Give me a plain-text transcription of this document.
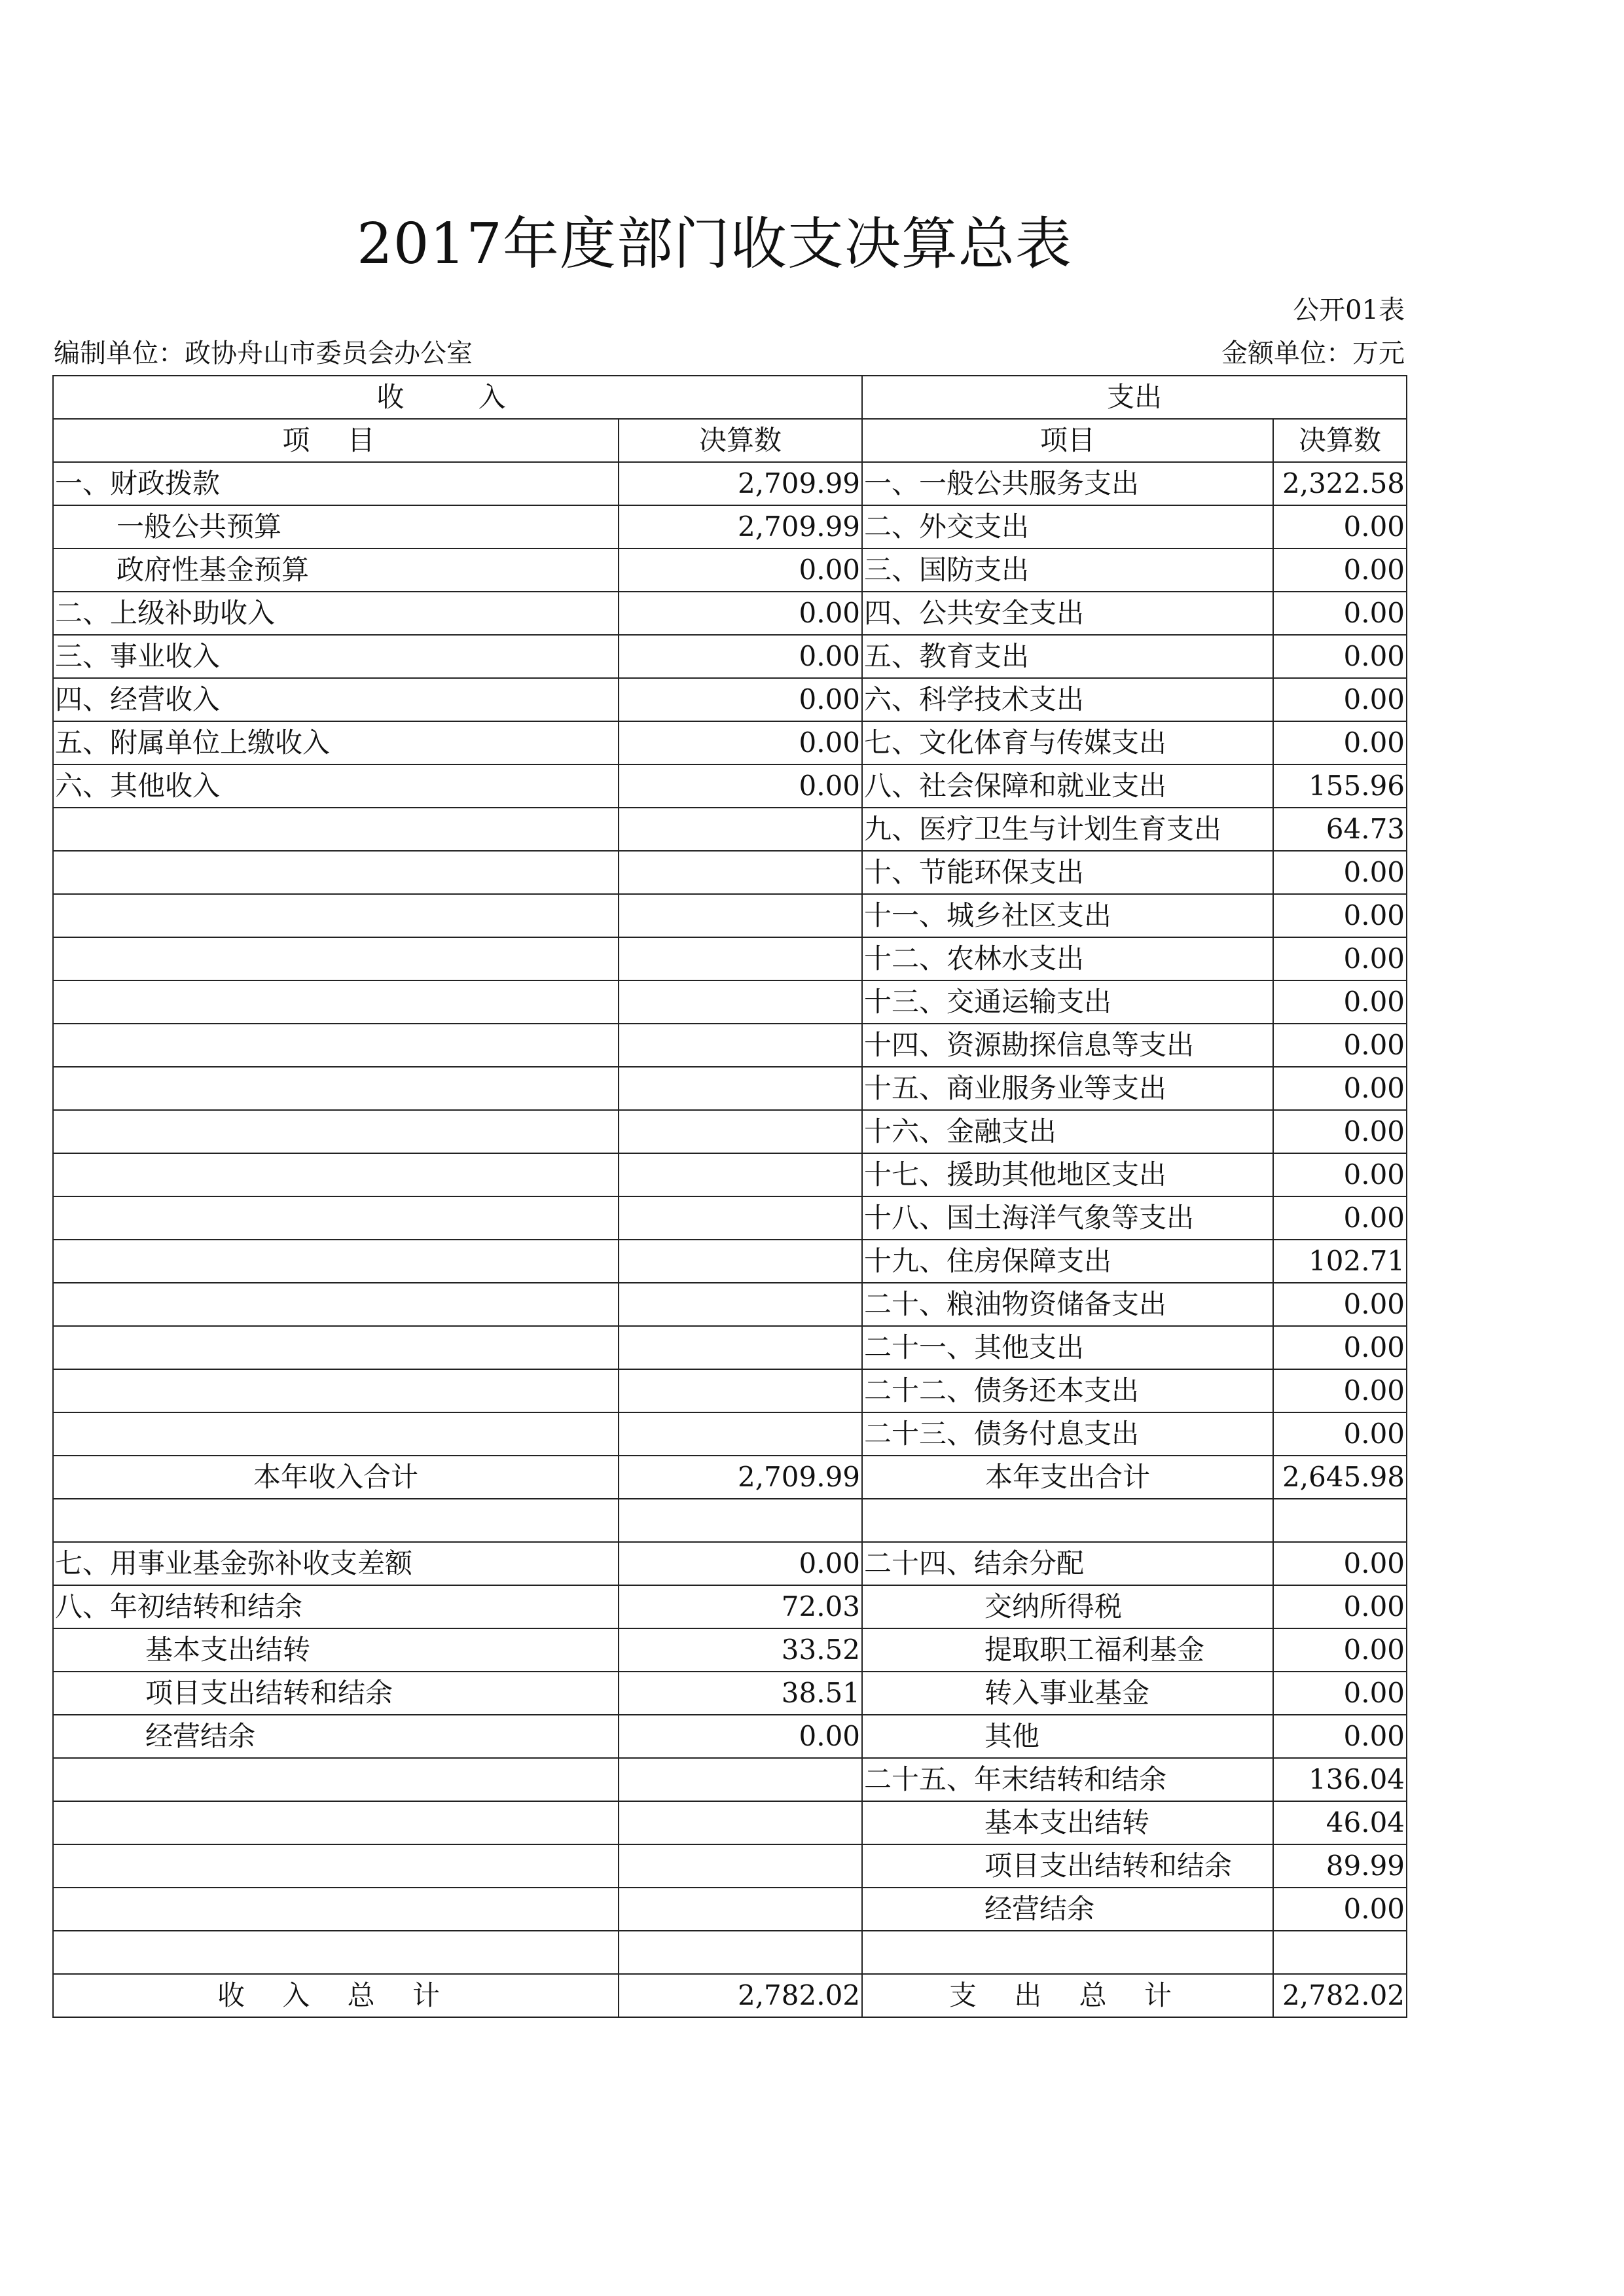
2017年度部门收支决算总表
公开01表
编制单位：政协舟山市委员会办公室	金额单位：万元
收 入		支出	
项 目	决算数	项目	决算数
一、财政拨款	2,709.99	一、一般公共服务支出	2,322.58
一般公共预算	2,709.99	二、外交支出	0.00
政府性基金预算	0.00	三、国防支出	0.00
二、上级补助收入	0.00	四、公共安全支出	0.00
三、事业收入	0.00	五、教育支出	0.00
四、经营收入	0.00	六、科学技术支出	0.00
五、附属单位上缴收入	0.00	七、文化体育与传媒支出	0.00
六、其他收入	0.00	八、社会保障和就业支出	155.96
		九、医疗卫生与计划生育支出	64.73
		十、节能环保支出	0.00
		十一、城乡社区支出	0.00
		十二、农林水支出	0.00
		十三、交通运输支出	0.00
		十四、资源勘探信息等支出	0.00
		十五、商业服务业等支出	0.00
		十六、金融支出	0.00
		十七、援助其他地区支出	0.00
		十八、国土海洋气象等支出	0.00
		十九、住房保障支出	102.71
		二十、粮油物资储备支出	0.00
		二十一、其他支出	0.00
		二十二、债务还本支出	0.00
		二十三、债务付息支出	0.00
本年收入合计	2,709.99	本年支出合计	2,645.98

七、用事业基金弥补收支差额	0.00	二十四、结余分配	0.00
八、年初结转和结余	72.03	交纳所得税	0.00
基本支出结转	33.52	提取职工福利基金	0.00
项目支出结转和结余	38.51	转入事业基金	0.00
经营结余	0.00	其他	0.00
		二十五、年末结转和结余	136.04
		基本支出结转	46.04
		项目支出结转和结余	89.99
		经营结余	0.00

收 入 总 计	2,782.02	支 出 总 计	2,782.02
